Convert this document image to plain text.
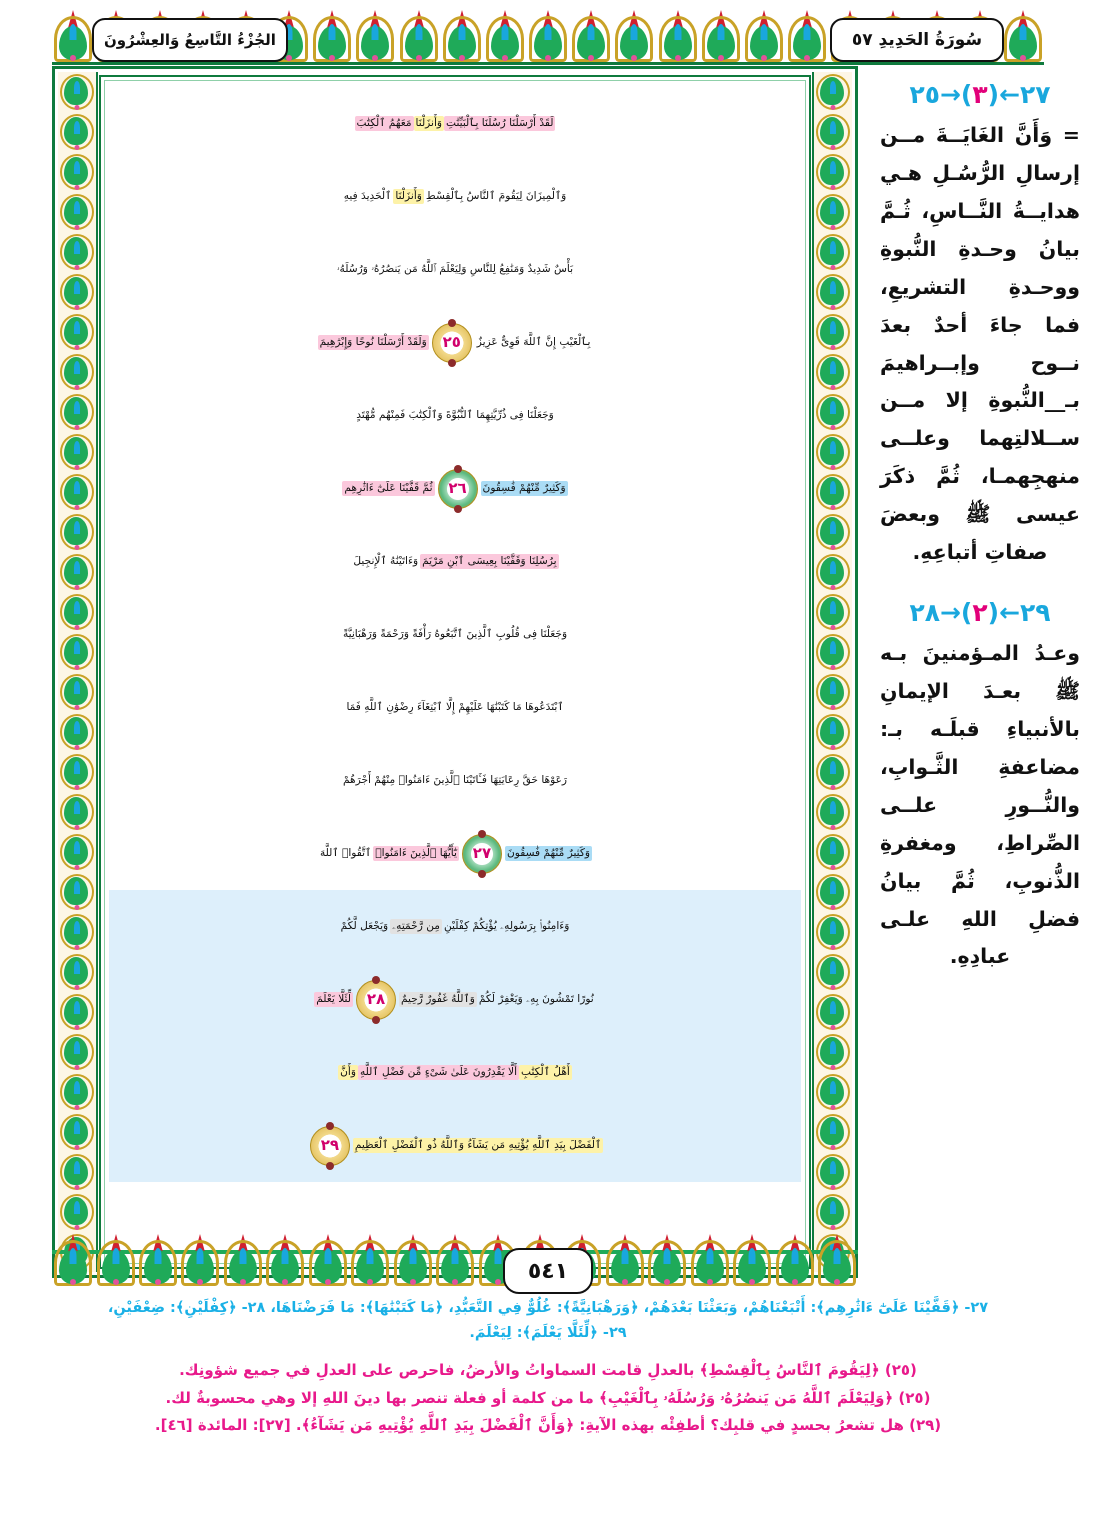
سُورَةُ الحَدِيدِ ٥٧
الجُزْءُ التَّاسِعُ وَالعِشْرُونَ
لَقَدْ أَرْسَلْنَا رُسُلَنَا بِٱلْبَيِّنَٰتِ
وَأَنزَلْنَا
مَعَهُمُ ٱلْكِتَٰبَ
وَٱلْمِيزَانَ لِيَقُومَ ٱلنَّاسُ بِٱلْقِسْطِ
وَأَنزَلْنَا
ٱلْحَدِيدَ فِيهِ
بَأْسٌ شَدِيدٌ وَمَنَٰفِعُ لِلنَّاسِ وَلِيَعْلَمَ ٱللَّهُ مَن يَنصُرُهُۥ وَرُسُلَهُۥ
بِٱلْغَيْبِ إِنَّ ٱللَّهَ قَوِىٌّ عَزِيزٌ
٢٥
وَلَقَدْ أَرْسَلْنَا نُوحًا وَإِبْرَٰهِيمَ
وَجَعَلْنَا فِى ذُرِّيَّتِهِمَا ٱلنُّبُوَّةَ وَٱلْكِتَٰبَ فَمِنْهُم مُّهْتَدٍ
وَكَثِيرٌ مِّنْهُمْ فَٰسِقُونَ
٢٦
ثُمَّ قَفَّيْنَا عَلَىٰٓ ءَاثَٰرِهِم
بِرُسُلِنَا وَقَفَّيْنَا بِعِيسَى ٱبْنِ مَرْيَمَ
وَءَاتَيْنَٰهُ ٱلْإِنجِيلَ
وَجَعَلْنَا فِى قُلُوبِ ٱلَّذِينَ ٱتَّبَعُوهُ رَأْفَةً وَرَحْمَةً وَرَهْبَانِيَّةً
ٱبْتَدَعُوهَا مَا كَتَبْنَٰهَا عَلَيْهِمْ إِلَّا ٱبْتِغَآءَ رِضْوَٰنِ ٱللَّهِ فَمَا
رَعَوْهَا حَقَّ رِعَايَتِهَا فَـَٔاتَيْنَا ٱلَّذِينَ ءَامَنُوا۟ مِنْهُمْ أَجْرَهُمْ
وَكَثِيرٌ مِّنْهُمْ فَٰسِقُونَ
٢٧
يَٰٓأَيُّهَا ٱلَّذِينَ ءَامَنُوا۟
ٱتَّقُوا۟ ٱللَّهَ
وَءَامِنُوا۟ بِرَسُولِهِۦ يُؤْتِكُمْ كِفْلَيْنِ
مِن رَّحْمَتِهِۦ
وَيَجْعَل لَّكُمْ
نُورًا تَمْشُونَ بِهِۦ وَيَغْفِرْ لَكُمْ
وَٱللَّهُ غَفُورٌ رَّحِيمٌ
٢٨
لِّئَلَّا يَعْلَمَ
أَهْلُ ٱلْكِتَٰبِ
أَلَّا يَقْدِرُونَ عَلَىٰ شَىْءٍ مِّن فَضْلِ ٱللَّهِ
وَأَنَّ
ٱلْفَضْلَ بِيَدِ ٱللَّهِ يُؤْتِيهِ مَن يَشَآءُ وَٱللَّهُ ذُو ٱلْفَضْلِ ٱلْعَظِيمِ
٢٩
٥٤١
٢٧←(٣)→٢٥
= وَأَنَّ الغَايَــةَ مــن إرسالِ الرُّسُـلِ هـي هدايــةُ النَّــاسِ، ثُـمَّ بيانُ وحـدةِ النُّبوةِ ووحـدةِ التشريعِ، فما جاءَ أحدٌ بعدَ نــوح وإبــراهيمَ بـ__النُّبوةِ إلا مــن ســلالتِهما وعلــى منهجِهمـا، ثُمَّ ذكَرَ عيسى ﷺ وبعضَ صفاتِ أتباعِهِ.
٢٩←(٢)→٢٨
وعـدُ المـؤمنينَ بـه ﷺ بعـدَ الإيمانِ بالأنبياءِ قبلَـه بـ: مضاعفةِ الثَّـوابِ، والنُّــورِ علــى الصِّراطِ، ومغفرةِ الذُّنوبِ، ثُمَّ بيانُ فضلِ اللهِ علـى عبادِهِ.
٢٧- ﴿قَفَّيْنَا عَلَىٰٓ ءَاثَٰرِهِم﴾: أَتْبَعْنَاهُمْ، وَبَعَثْنَا بَعْدَهُمْ، ﴿وَرَهْبَانِيَّةً﴾: غُلُوٌّ فِي التَّعَبُّدِ، ﴿مَا كَتَبْنَٰهَا﴾: مَا فَرَضْنَاهَا، ٢٨- ﴿كِفْلَيْنِ﴾: ضِعْفَيْنِ،
٢٩- ﴿لِّئَلَّا يَعْلَمَ﴾: لِيَعْلَمَ.
(٢٥) ﴿لِيَقُومَ ٱلنَّاسُ بِٱلْقِسْطِ﴾ بالعدلِ قامت السماواتُ والأرضُ، فاحرص على العدلِ في جميع شؤونِك.
(٢٥) ﴿وَلِيَعْلَمَ ٱللَّهُ مَن يَنصُرُهُۥ وَرُسُلَهُۥ بِٱلْغَيْبِ﴾ ما من كلمة أو فعلة تنصر بها دينَ اللهِ إلا وهي محسوبةٌ لك.
(٢٩) هل تشعرُ بحسدٍ في قلبِك؟ أطفِئْه بهذه الآيةِ: ﴿وَأَنَّ ٱلْفَضْلَ بِيَدِ ٱللَّهِ يُؤْتِيهِ مَن يَشَآءُ﴾. [٢٧]: المائدة [٤٦].
